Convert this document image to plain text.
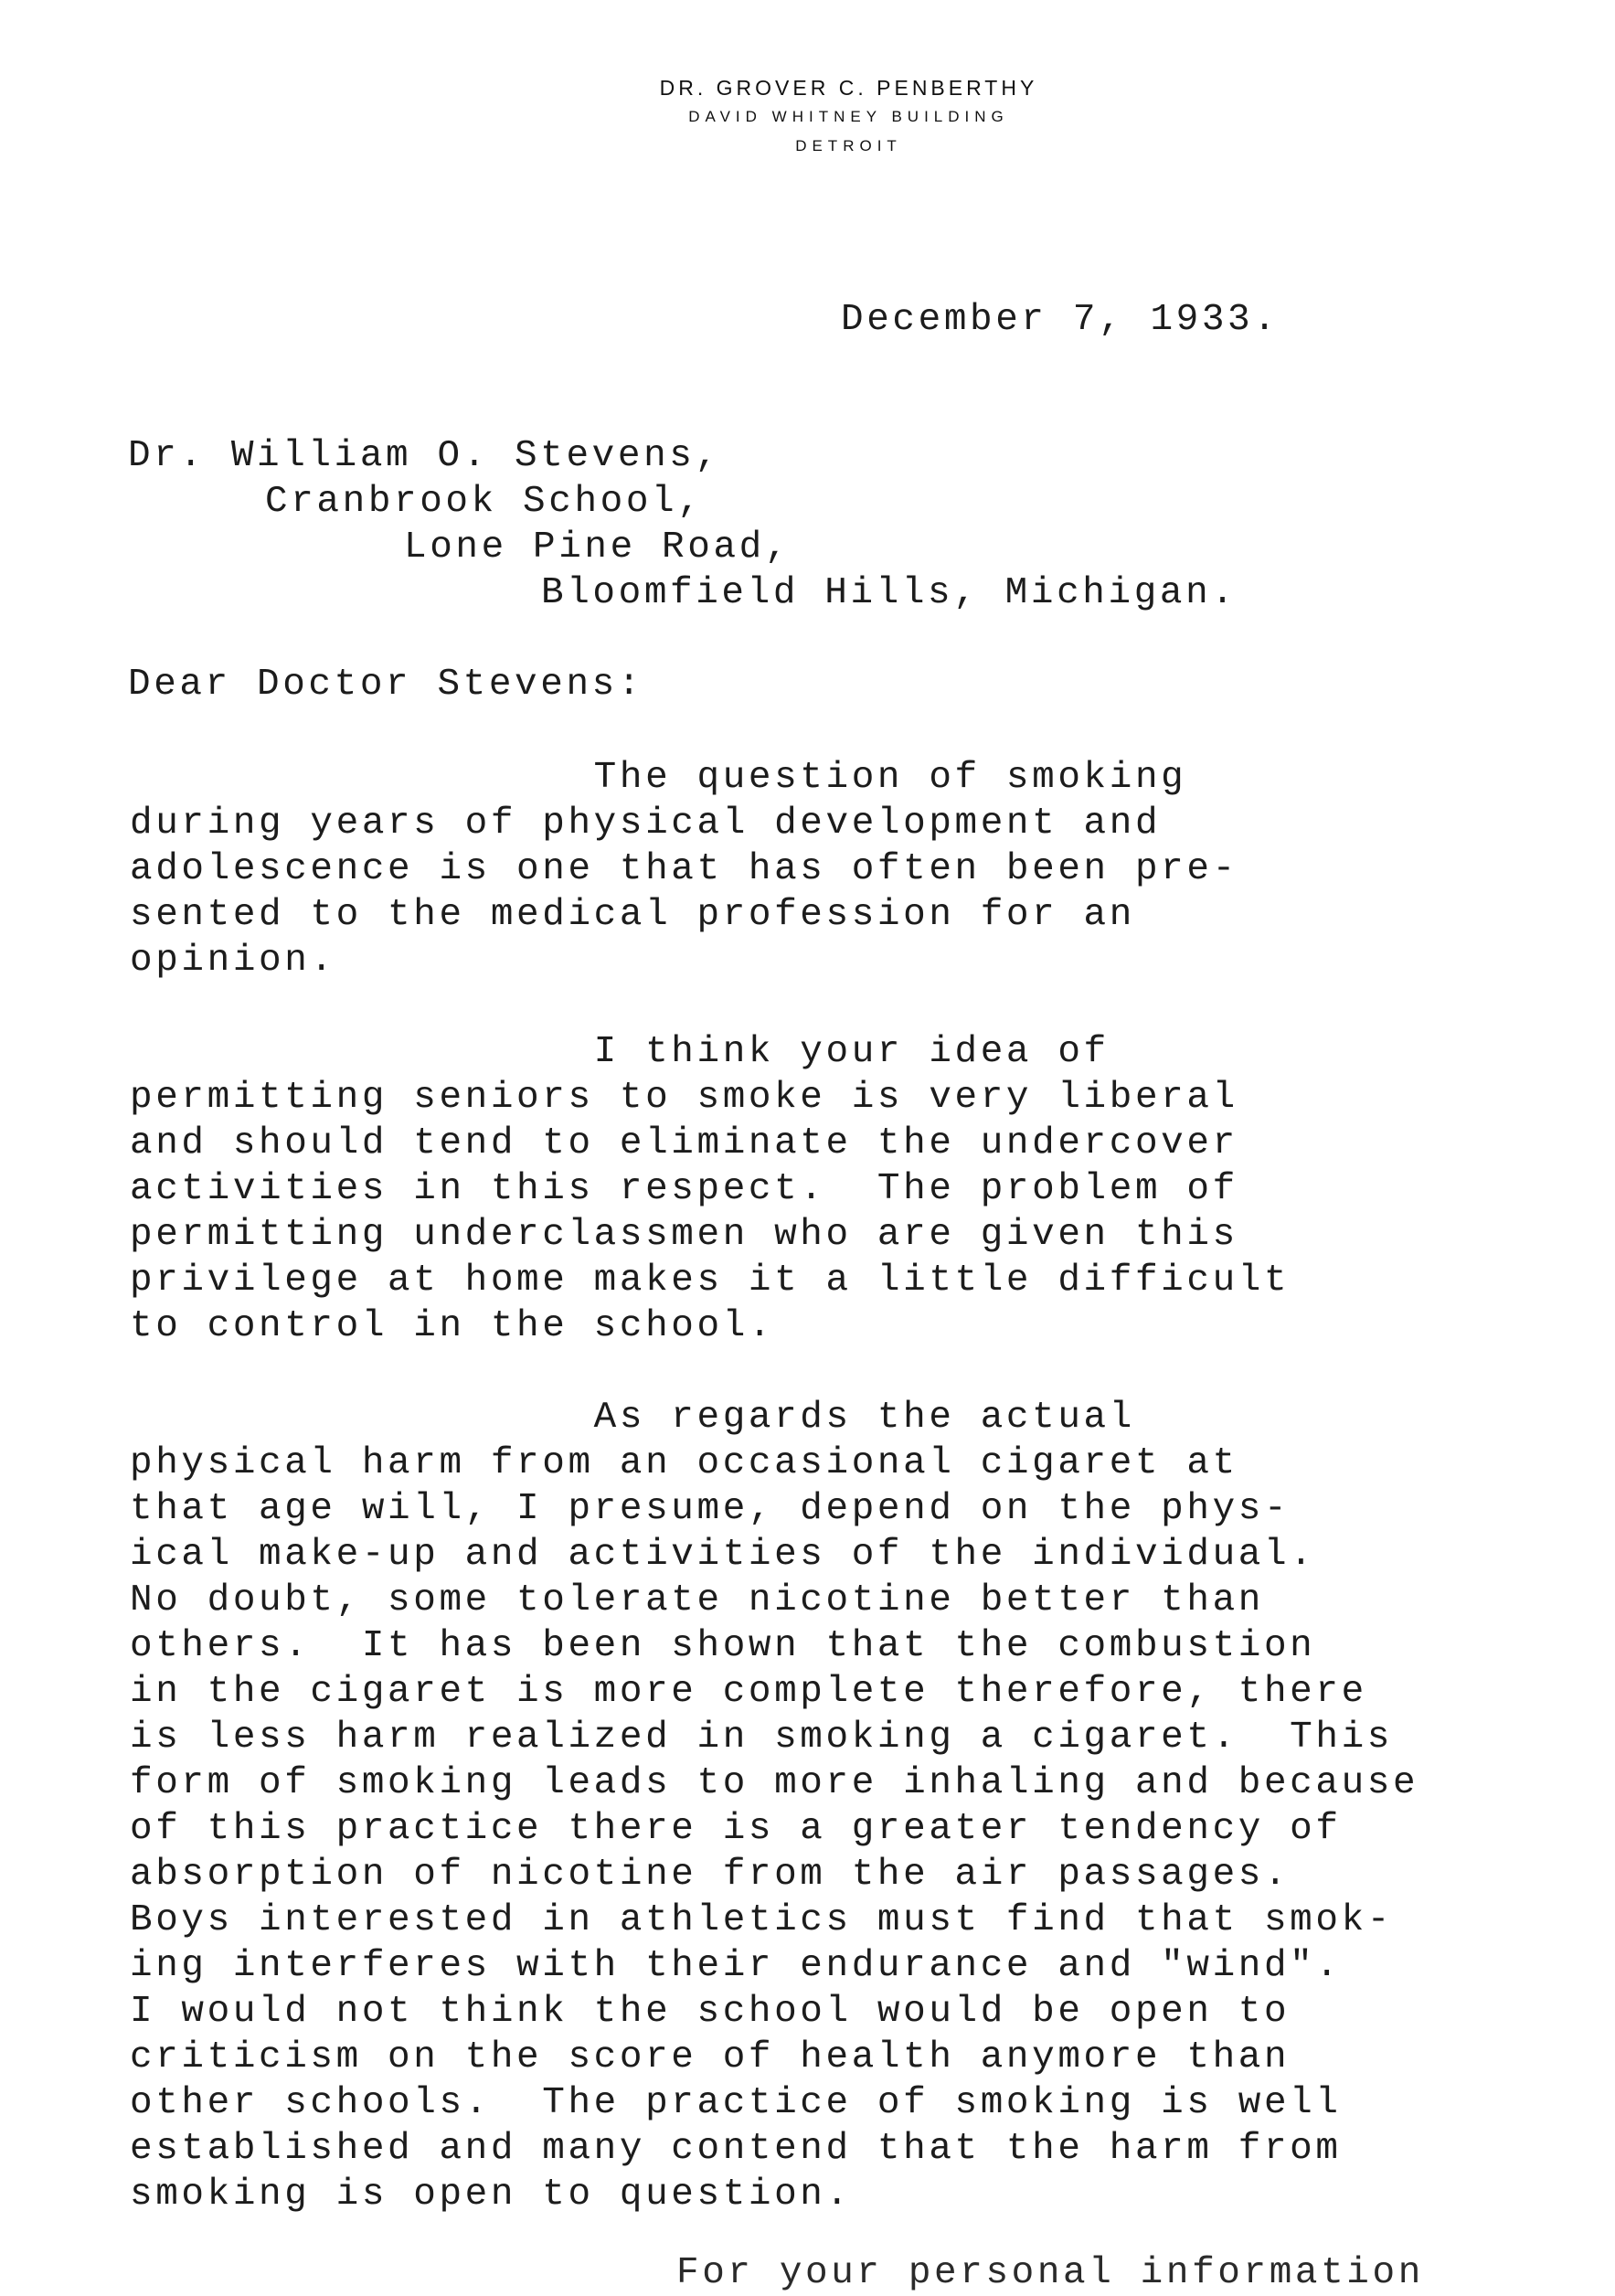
DR. GROVER C. PENBERTHY
DAVID WHITNEY BUILDING
DETROIT
December 7, 1933.
Dr. William O. Stevens,
Cranbrook School,
Lone Pine Road,
Bloomfield Hills, Michigan.
Dear Doctor Stevens:
The question of smoking
during years of physical development and
adolescence is one that has often been pre-
sented to the medical profession for an
opinion.
I think your idea of
permitting seniors to smoke is very liberal
and should tend to eliminate the undercover
activities in this respect.  The problem of
permitting underclassmen who are given this
privilege at home makes it a little difficult
to control in the school.
As regards the actual
physical harm from an occasional cigaret at
that age will, I presume, depend on the phys-
ical make-up and activities of the individual.
No doubt, some tolerate nicotine better than
others.  It has been shown that the combustion
in the cigaret is more complete therefore, there
is less harm realized in smoking a cigaret.  This
form of smoking leads to more inhaling and because
of this practice there is a greater tendency of
absorption of nicotine from the air passages.
Boys interested in athletics must find that smok-
ing interferes with their endurance and "wind".
I would not think the school would be open to
criticism on the score of health anymore than
other schools.  The practice of smoking is well
established and many contend that the harm from
smoking is open to question.
For your personal information
